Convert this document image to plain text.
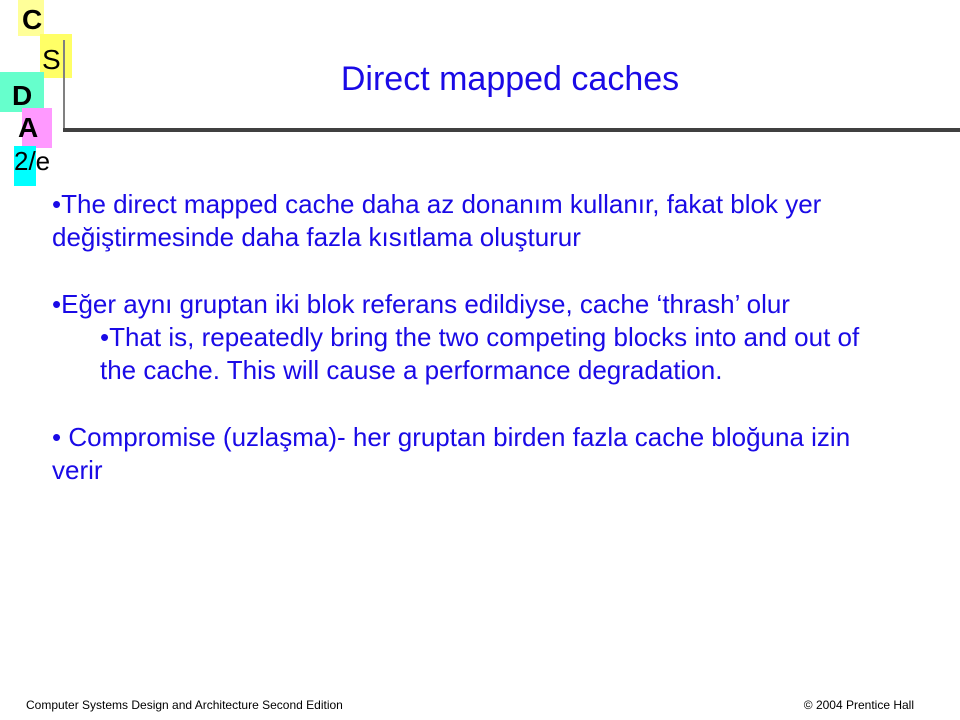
C
S
D
A
2/e
Direct mapped caches

•The direct mapped cache daha az donanım kullanır, fakat blok yer değiştirmesinde daha fazla kısıtlama oluşturur

•Eğer aynı gruptan iki blok referans edildiyse, cache ‘thrash’ olur

•That is, repeatedly bring the two competing blocks into and out of the cache. This will cause a performance degradation.

• Compromise (uzlaşma)- her gruptan birden fazla cache bloğuna izin verir

Computer Systems Design and Architecture Second Edition	© 2004 Prentice Hall
